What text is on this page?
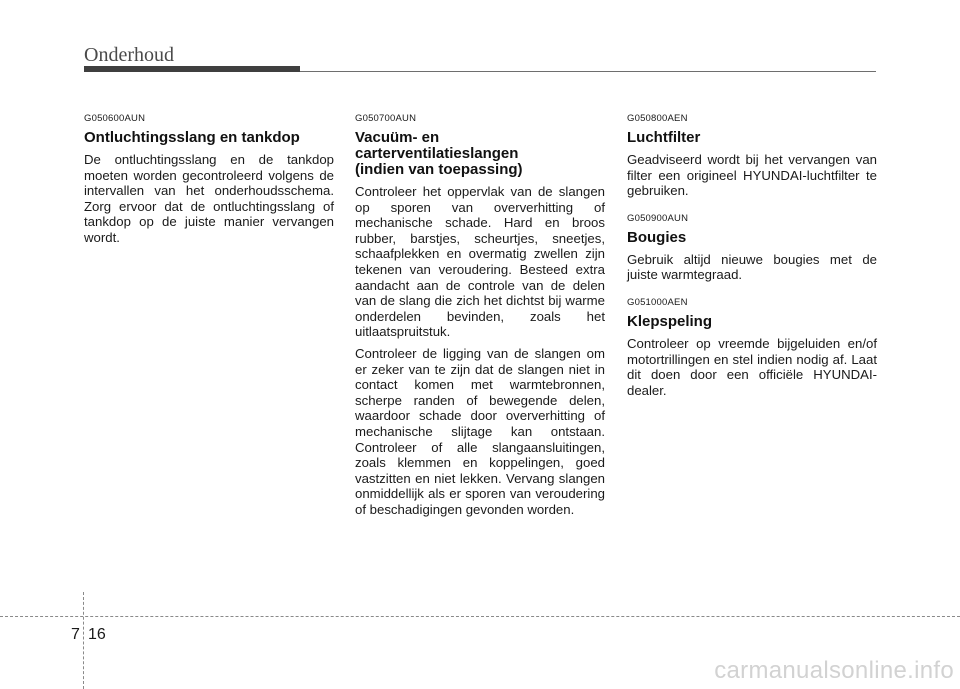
Onderhoud

G050600AUN

Ontluchtingsslang en tankdop

De ontluchtingsslang en de tankdop moeten worden gecontroleerd volgens de intervallen van het onderhoudsschema. Zorg ervoor dat de ontluchtingsslang of tankdop op de juiste manier vervangen wordt.

G050700AUN

Vacuüm- en
carterventilatieslangen
(indien van toepassing)

Controleer het oppervlak van de slangen op sporen van oververhitting of mechanische schade. Hard en broos rubber, barstjes, scheurtjes, sneetjes, schaafplekken en overmatig zwellen zijn tekenen van veroudering. Besteed extra aandacht aan de controle van de delen van de slang die zich het dichtst bij warme onderdelen bevinden, zoals het uitlaatspruitstuk.

Controleer de ligging van de slangen om er zeker van te zijn dat de slangen niet in contact komen met warmtebronnen, scherpe randen of bewegende delen, waardoor schade door oververhitting of mechanische slijtage kan ontstaan. Controleer of alle slangaansluitingen, zoals klemmen en koppelingen, goed vastzitten en niet lekken. Vervang slangen onmiddellijk als er sporen van veroudering of beschadigingen gevonden worden.

G050800AEN

Luchtfilter

Geadviseerd wordt bij het vervangen van filter een origineel HYUNDAI-luchtfilter te gebruiken.

G050900AUN

Bougies

Gebruik altijd nieuwe bougies met de juiste warmtegraad.

G051000AEN

Klepspeling

Controleer op vreemde bijgeluiden en/of motortrillingen en stel indien nodig af. Laat dit doen door een officiële HYUNDAI-dealer.

7 16
carmanualsonline.info
